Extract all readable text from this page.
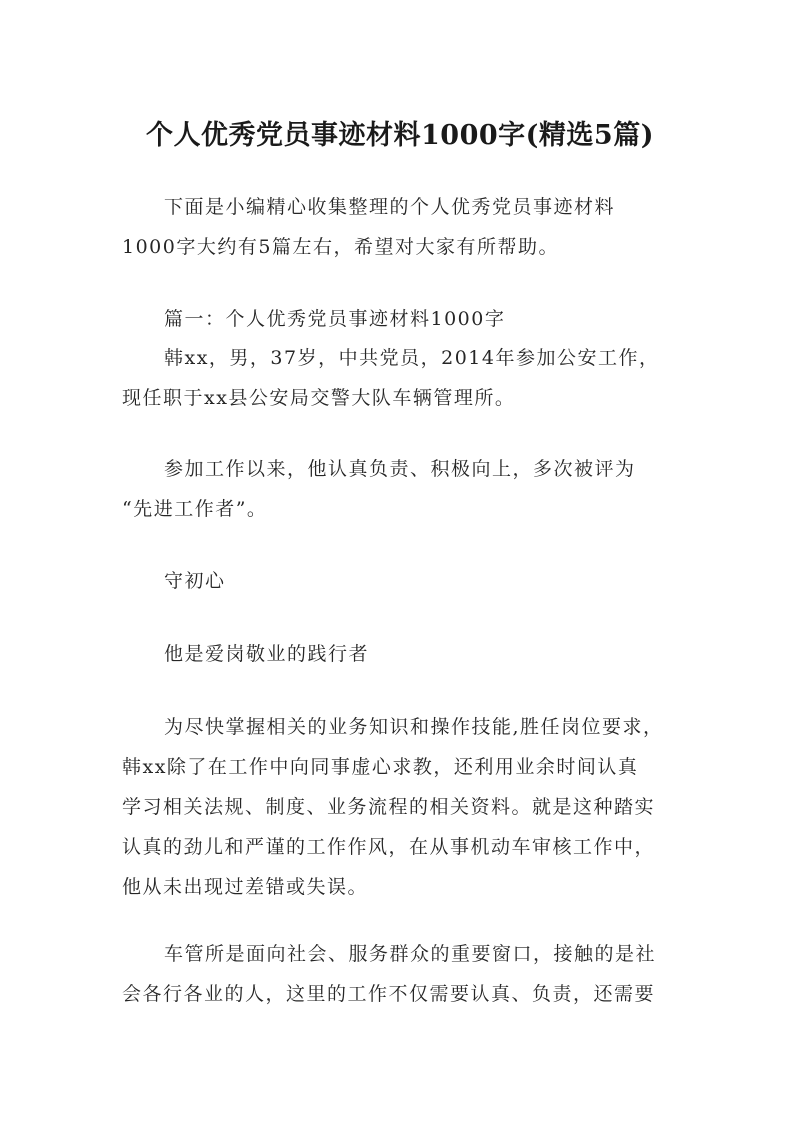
个人优秀党员事迹材料1000字(精选5篇)
下面是小编精心收集整理的个人优秀党员事迹材料
1000字大约有5篇左右，希望对大家有所帮助。
篇一：个人优秀党员事迹材料1000字
韩xx，男，37岁，中共党员，2014年参加公安工作，
现任职于xx县公安局交警大队车辆管理所。
参加工作以来，他认真负责、积极向上，多次被评为
“先进工作者”。
守初心
他是爱岗敬业的践行者
为尽快掌握相关的业务知识和操作技能,胜任岗位要求，
韩xx除了在工作中向同事虚心求教，还利用业余时间认真
学习相关法规、制度、业务流程的相关资料。就是这种踏实
认真的劲儿和严谨的工作作风，在从事机动车审核工作中，
他从未出现过差错或失误。
车管所是面向社会、服务群众的重要窗口，接触的是社
会各行各业的人，这里的工作不仅需要认真、负责，还需要
